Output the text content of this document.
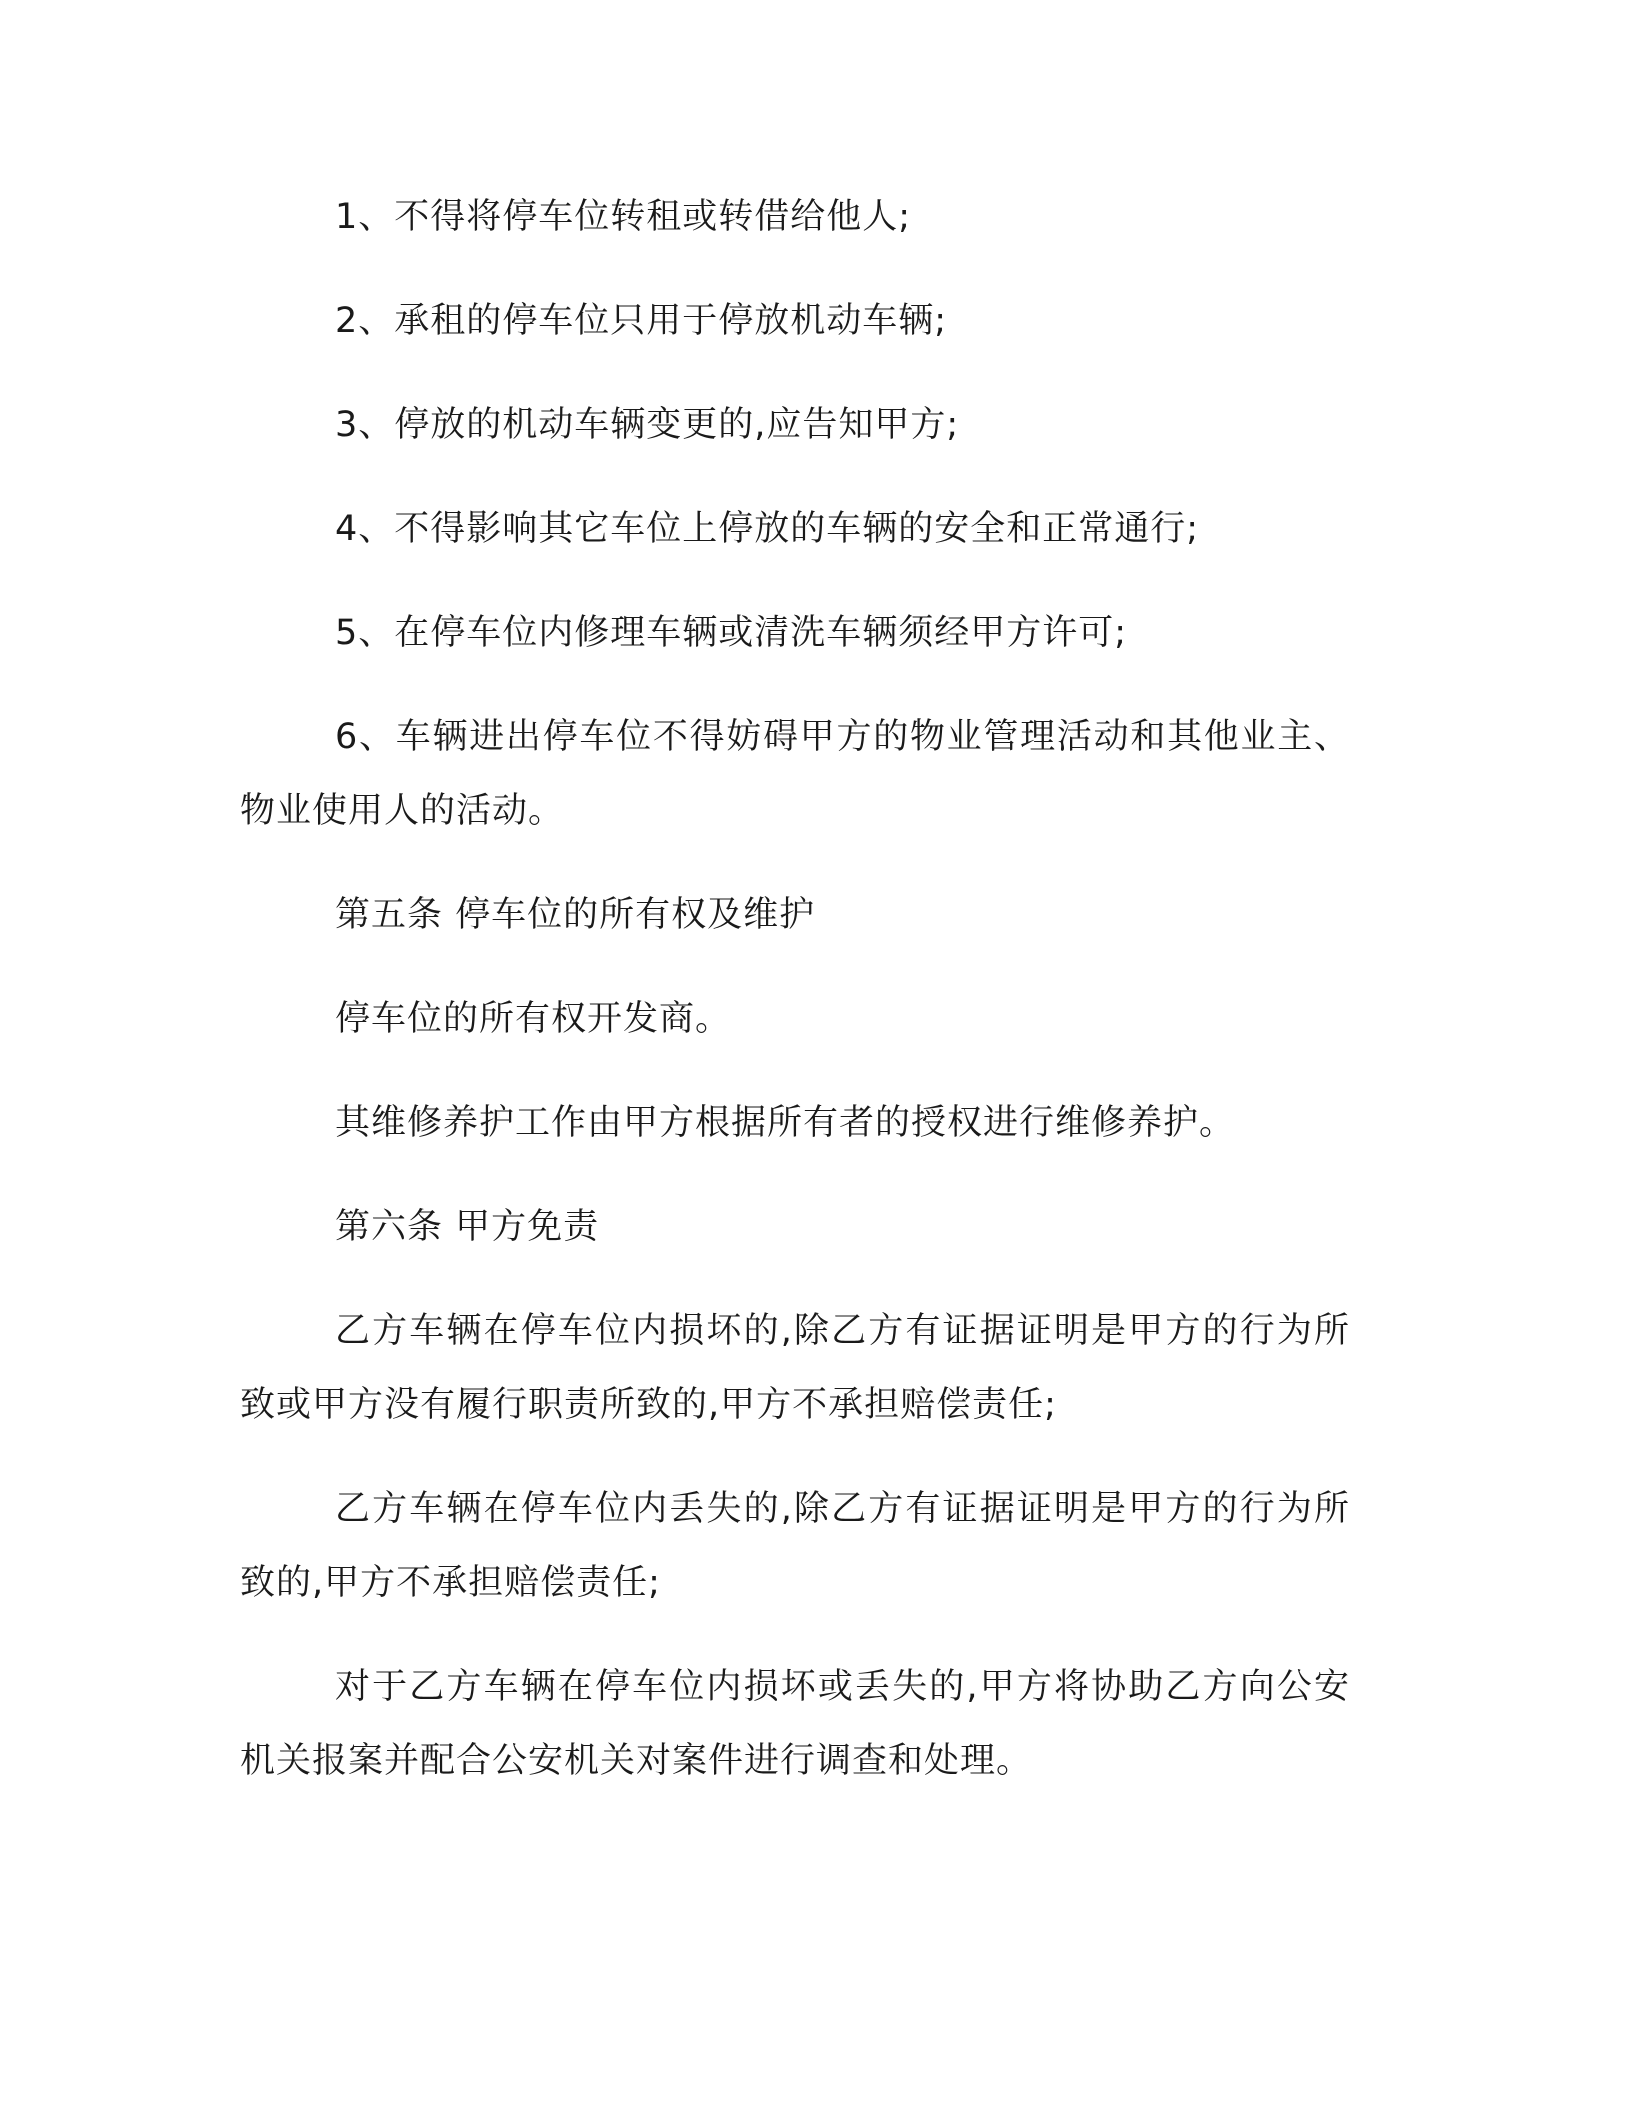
1、不得将停车位转租或转借给他人;

2、承租的停车位只用于停放机动车辆;

3、停放的机动车辆变更的,应告知甲方;

4、不得影响其它车位上停放的车辆的安全和正常通行;

5、在停车位内修理车辆或清洗车辆须经甲方许可;

6、车辆进出停车位不得妨碍甲方的物业管理活动和其他业主、物业使用人的活动。

第五条 停车位的所有权及维护

停车位的所有权开发商。

其维修养护工作由甲方根据所有者的授权进行维修养护。

第六条 甲方免责

乙方车辆在停车位内损坏的,除乙方有证据证明是甲方的行为所致或甲方没有履行职责所致的,甲方不承担赔偿责任;

乙方车辆在停车位内丢失的,除乙方有证据证明是甲方的行为所致的,甲方不承担赔偿责任;

对于乙方车辆在停车位内损坏或丢失的,甲方将协助乙方向公安机关报案并配合公安机关对案件进行调查和处理。
